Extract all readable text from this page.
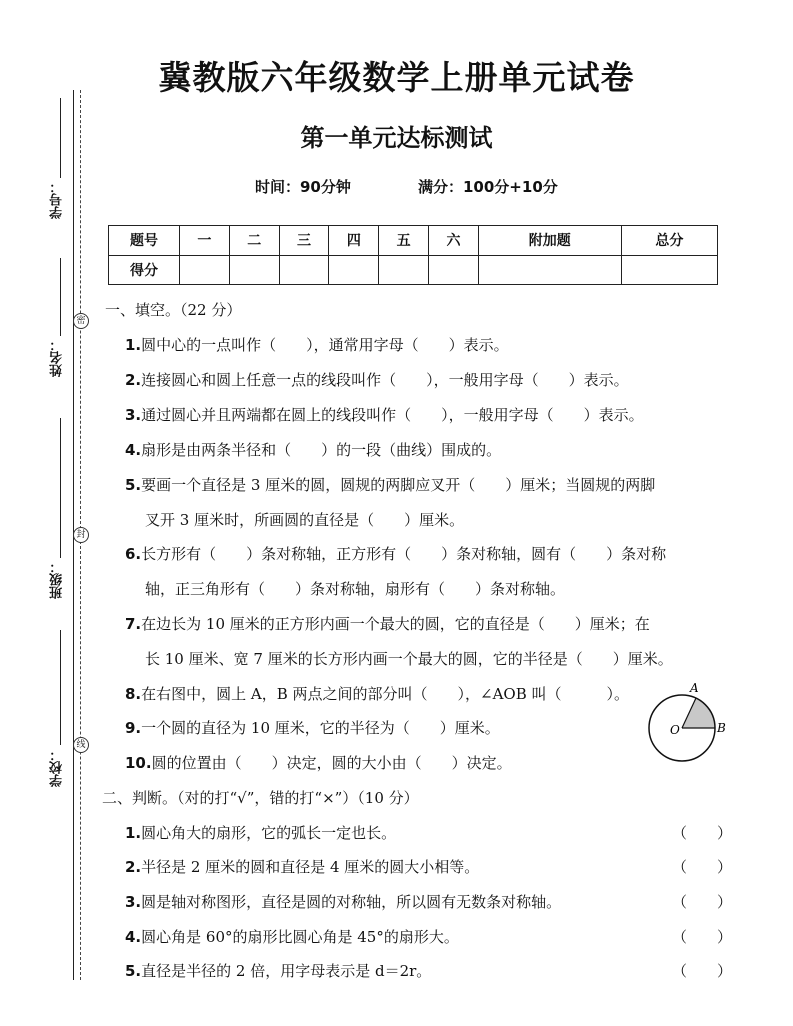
学号：
姓名：
班级：
学校：
密
封
线
冀教版六年级数学上册单元试卷
第一单元达标测试
时间：90分钟	满分：100分+10分
题号	一	二	三	四	五	六	附加题	总分
得分								
一、填空。（22 分）
1.圆中心的一点叫作（　　），通常用字母（　　）表示。
2.连接圆心和圆上任意一点的线段叫作（　　），一般用字母（　　）表示。
3.通过圆心并且两端都在圆上的线段叫作（　　），一般用字母（　　）表示。
4.扇形是由两条半径和（　　）的一段（曲线）围成的。
5.要画一个直径是 3 厘米的圆，圆规的两脚应叉开（　　）厘米；当圆规的两脚
叉开 3 厘米时，所画圆的直径是（　　）厘米。
6.长方形有（　　）条对称轴，正方形有（　　）条对称轴，圆有（　　）条对称
轴，正三角形有（　　）条对称轴，扇形有（　　）条对称轴。
7.在边长为 10 厘米的正方形内画一个最大的圆，它的直径是（　　）厘米；在
长 10 厘米、宽 7 厘米的长方形内画一个最大的圆，它的半径是（　　）厘米。
8.在右图中，圆上 A，B 两点之间的部分叫（　　），∠AOB 叫（　　　）。
9.一个圆的直径为 10 厘米，它的半径为（　　）厘米。
10.圆的位置由（　　）决定，圆的大小由（　　）决定。
A
O	B
二、判断。（对的打“√”，错的打“×”）（10 分）
1.圆心角大的扇形，它的弧长一定也长。	（　　）
2.半径是 2 厘米的圆和直径是 4 厘米的圆大小相等。	（　　）
3.圆是轴对称图形，直径是圆的对称轴，所以圆有无数条对称轴。	（　　）
4.圆心角是 60°的扇形比圆心角是 45°的扇形大。	（　　）
5.直径是半径的 2 倍，用字母表示是 d＝2r。	（　　）
